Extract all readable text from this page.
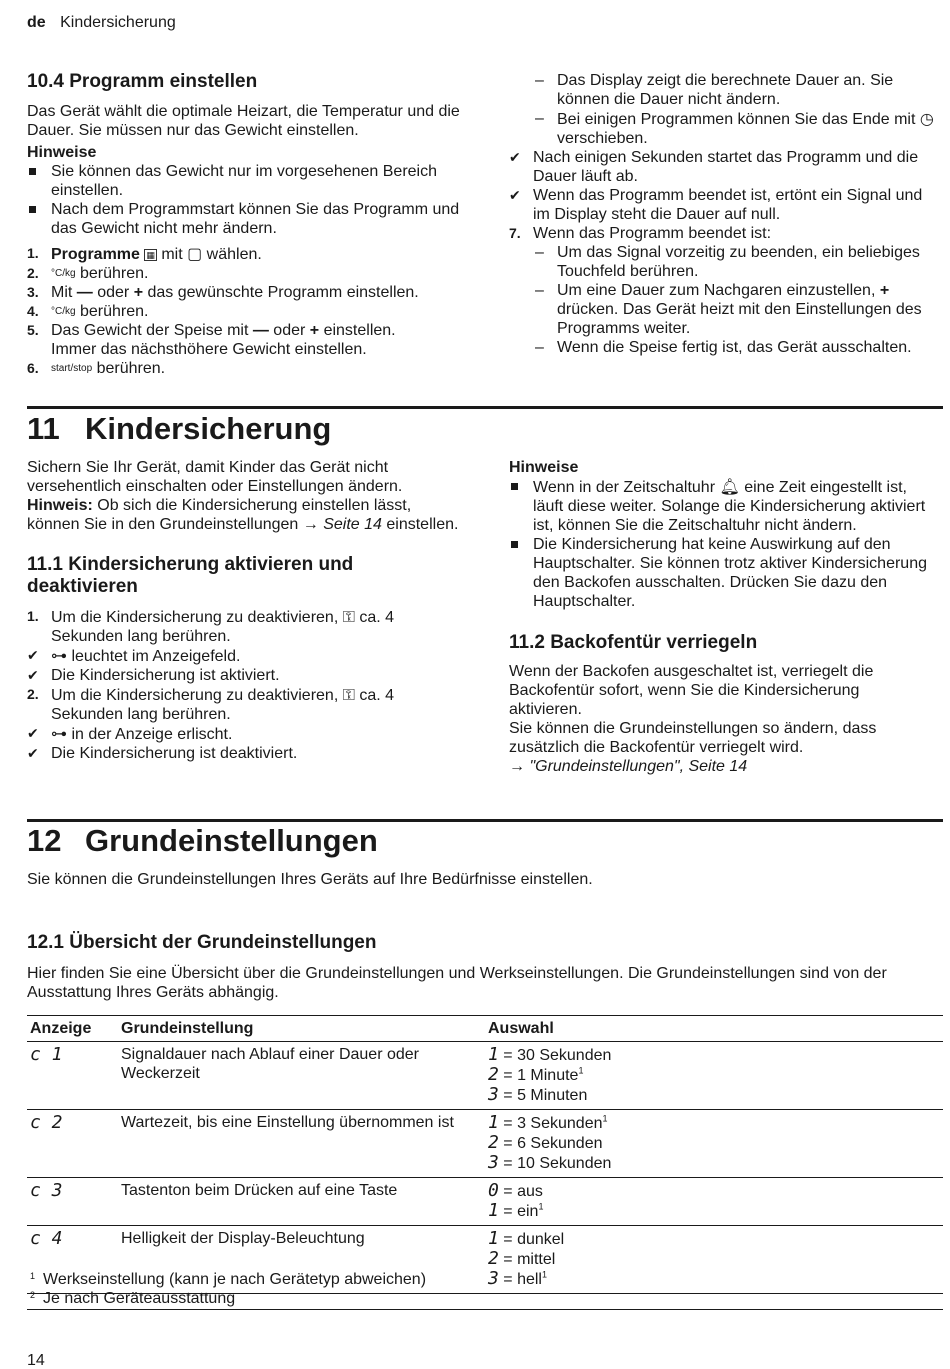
de Kindersicherung
10.4 Programm einstellen

Das Gerät wählt die optimale Heizart, die Temperatur und die Dauer. Sie müssen nur das Gewicht einstellen.

Hinweise

Sie können das Gewicht nur im vorgesehenen Bereich einstellen.
Nach dem Programmstart können Sie das Programm und das Gewicht nicht mehr ändern.
1. Programme ▦ mit ▢ wählen.
2. °C/kg berühren.
3. Mit — oder + das gewünschte Programm einstellen.
4. °C/kg berühren.
5. Das Gewicht der Speise mit — oder + einstellen.
Immer das nächsthöhere Gewicht einstellen.
6. start/stop berühren.
– Das Display zeigt die berechnete Dauer an. Sie können die Dauer nicht ändern.
– Bei einigen Programmen können Sie das Ende mit ◷ verschieben.
✔ Nach einigen Sekunden startet das Programm und die Dauer läuft ab.
✔ Wenn das Programm beendet ist, ertönt ein Signal und im Display steht die Dauer auf null.
7. Wenn das Programm beendet ist:
– Um das Signal vorzeitig zu beenden, ein beliebiges Touchfeld berühren.
– Um eine Dauer zum Nachgaren einzustellen, + drücken. Das Gerät heizt mit den Einstellungen des Programms weiter.
– Wenn die Speise fertig ist, das Gerät ausschalten.
11 Kindersicherung

Sichern Sie Ihr Gerät, damit Kinder das Gerät nicht versehentlich einschalten oder Einstellungen ändern.

Hinweis: Ob sich die Kindersicherung einstellen lässt, können Sie in den Grundeinstellungen → Seite 14 einstellen.

11.1 Kindersicherung aktivieren und deaktivieren
1. Um die Kindersicherung zu deaktivieren, ⚿ ca. 4 Sekunden lang berühren.
✔ ⊶ leuchtet im Anzeigefeld.
✔ Die Kindersicherung ist aktiviert.
2. Um die Kindersicherung zu deaktivieren, ⚿ ca. 4 Sekunden lang berühren.
✔ ⊶ in der Anzeige erlischt.
✔ Die Kindersicherung ist deaktiviert.

Hinweise

Wenn in der Zeitschaltuhr 🔔︎ eine Zeit eingestellt ist, läuft diese weiter. Solange die Kindersicherung aktiviert ist, können Sie die Zeitschaltuhr nicht ändern.
Die Kindersicherung hat keine Auswirkung auf den Hauptschalter. Sie können trotz aktiver Kindersicherung den Backofen ausschalten. Drücken Sie dazu den Hauptschalter.
11.2 Backofentür verriegeln

Wenn der Backofen ausgeschaltet ist, verriegelt die Backofentür sofort, wenn Sie die Kindersicherung aktivieren.

Sie können die Grundeinstellungen so ändern, dass zusätzlich die Backofentür verriegelt wird.

→ "Grundeinstellungen", Seite 14

12 Grundeinstellungen

Sie können die Grundeinstellungen Ihres Geräts auf Ihre Bedürfnisse einstellen.

12.1 Übersicht der Grundeinstellungen

Hier finden Sie eine Übersicht über die Grundeinstellungen und Werkseinstellungen. Die Grundeinstellungen sind von der Ausstattung Ihres Geräts abhängig.

Anzeige	Grundeinstellung	Auswahl
c 1	Signaldauer nach Ablauf einer Dauer oder Weckerzeit	1 = 30 Sekunden
2 = 1 Minute$^1$
3 = 5 Minuten

c 2	Wartezeit, bis eine Einstellung übernommen ist	1 = 3 Sekunden$^1$
2 = 6 Sekunden
3 = 10 Sekunden

c 3	Tastenton beim Drücken auf eine Taste	0 = aus
1 = ein$^1$

c 4	Helligkeit der Display-Beleuchtung	1 = dunkel
2 = mittel
3 = hell$^1$
1 Werkseinstellung (kann je nach Gerätetyp abweichen)
2 Je nach Geräteausstattung
14
